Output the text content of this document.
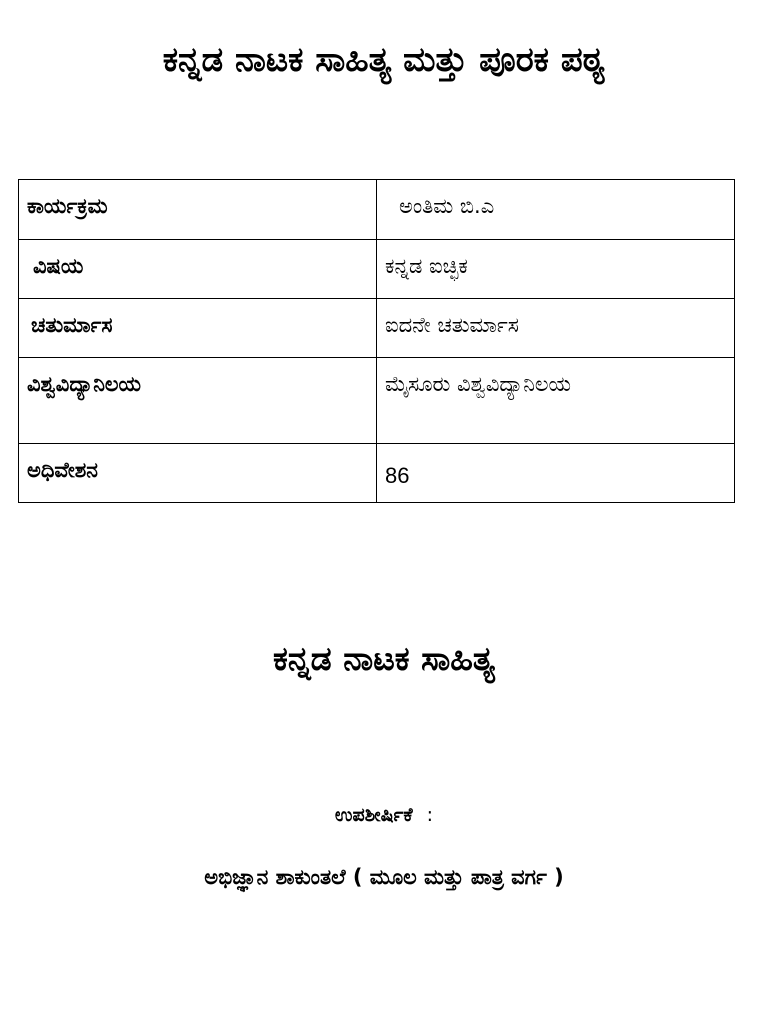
ಕನ್ನಡ ನಾಟಕ ಸಾಹಿತ್ಯ ಮತ್ತು ಪೂರಕ ಪಠ್ಯ
ಕಾರ್ಯಕ್ರಮ	ಅಂತಿಮ ಬಿ.ಎ
ವಿಷಯ	ಕನ್ನಡ ಐಚ್ಛಿಕ
ಚತುರ್ಮಾಸ	ಐದನೇ ಚತುರ್ಮಾಸ
ವಿಶ್ವವಿದ್ಯಾನಿಲಯ	ಮೈಸೂರು ವಿಶ್ವವಿದ್ಯಾನಿಲಯ
ಅಧಿವೇಶನ	86
ಕನ್ನಡ ನಾಟಕ ಸಾಹಿತ್ಯ
ಉಪಶೀರ್ಷಿಕೆ :
ಅಭಿಜ್ಞಾನ ಶಾಕುಂತಲೆ ( ಮೂಲ ಮತ್ತು ಪಾತ್ರ ವರ್ಗ )
